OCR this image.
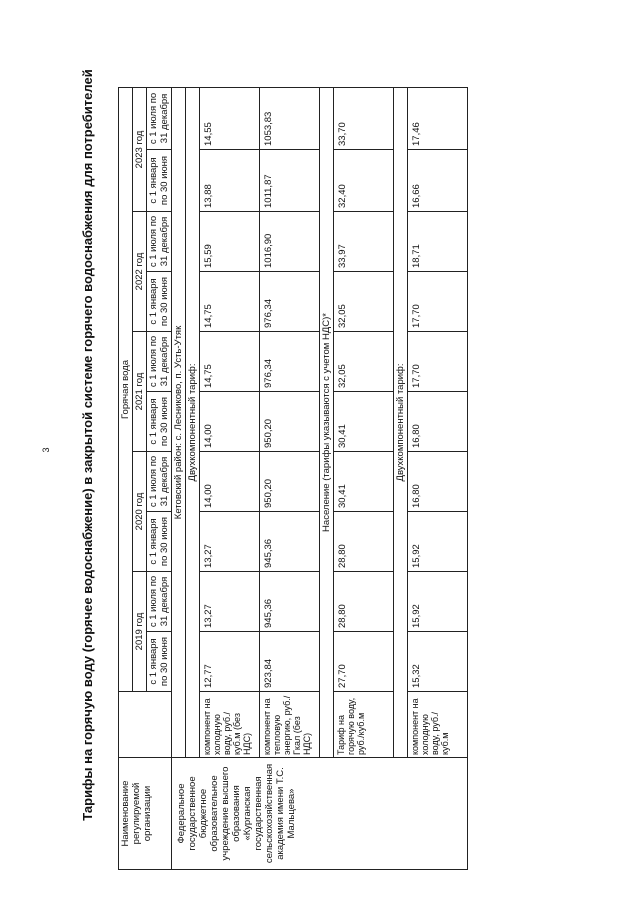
3 Тарифы на горячую воду (горячее водоснабжение) в закрытой системе горячего водоснабжения для потребителей	Наименование регулируемой организации		Горячая вода									
		2019 год		2020 год		2021 год		2022 год		2023 год	
		с 1 января по 30 июня	с 1 июля по 31 декабря	с 1 января по 30 июня	с 1 июля по 31 декабря	с 1 января по 30 июня	с 1 июля по 31 декабря	с 1 января по 30 июня	с 1 июля по 31 декабря	с 1 января по 30 июня	с 1 июля по 31 декабря
Федеральное государственное бюджетное образовательное учреждение высшего образования «Курганская государственная сельскохозяйственная академия имени Т.С. Мальцева»	Кетовский район: с. Лесниково, п. Усть-Утяк										
	Двухкомпонентный тариф:										
	компонент на холодную воду, руб./куб.м (без НДС)	12,77	13,27	13,27	14,00	14,00	14,75	14,75	15,59	13,88	14,55
	компонент на тепловую энергию, руб./Гкал (без НДС)	923,84	945,36	945,36	950,20	950,20	976,34	976,34	1016,90	1011,87	1053,83
	Население (тарифы указываются с учетом НДС)*										
	Тариф на горячую воду, руб./куб.м	27,70	28,80	28,80	30,41	30,41	32,05	32,05	33,97	32,40	33,70
	Двухкомпонентный тариф:										
	компонент на холодную воду, руб./куб.м	15,32	15,92	15,92	16,80	16,80	17,70	17,70	18,71	16,66	17,46
